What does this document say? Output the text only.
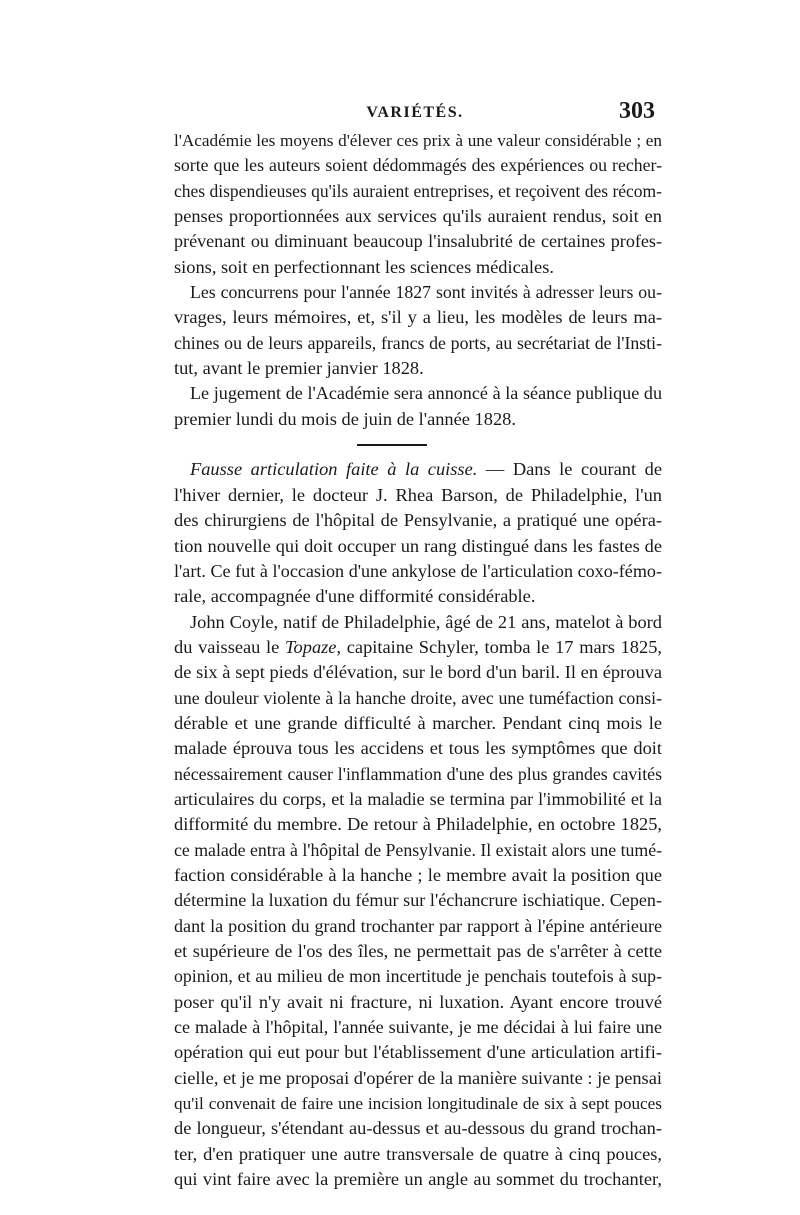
VARIÉTÉS.	303
l'Académie les moyens d'élever ces prix à une valeur considérable ; en
sorte que les auteurs soient dédommagés des expériences ou recher-
ches dispendieuses qu'ils auraient entreprises, et reçoivent des récom-
penses proportionnées aux services qu'ils auraient rendus, soit en
prévenant ou diminuant beaucoup l'insalubrité de certaines profes-
sions, soit en perfectionnant les sciences médicales.
Les concurrens pour l'année 1827 sont invités à adresser leurs ou-
vrages, leurs mémoires, et, s'il y a lieu, les modèles de leurs ma-
chines ou de leurs appareils, francs de ports, au secrétariat de l'Insti-
tut, avant le premier janvier 1828.
Le jugement de l'Académie sera annoncé à la séance publique du
premier lundi du mois de juin de l'année 1828.
Fausse articulation faite à la cuisse. — Dans le courant de
l'hiver dernier, le docteur J. Rhea Barson, de Philadelphie, l'un
des chirurgiens de l'hôpital de Pensylvanie, a pratiqué une opéra-
tion nouvelle qui doit occuper un rang distingué dans les fastes de
l'art. Ce fut à l'occasion d'une ankylose de l'articulation coxo-fémo-
rale, accompagnée d'une difformité considérable.
John Coyle, natif de Philadelphie, âgé de 21 ans, matelot à bord
du vaisseau le Topaze, capitaine Schyler, tomba le 17 mars 1825,
de six à sept pieds d'élévation, sur le bord d'un baril. Il en éprouva
une douleur violente à la hanche droite, avec une tuméfaction consi-
dérable et une grande difficulté à marcher. Pendant cinq mois le
malade éprouva tous les accidens et tous les symptômes que doit
nécessairement causer l'inflammation d'une des plus grandes cavités
articulaires du corps, et la maladie se termina par l'immobilité et la
difformité du membre. De retour à Philadelphie, en octobre 1825,
ce malade entra à l'hôpital de Pensylvanie. Il existait alors une tumé-
faction considérable à la hanche ; le membre avait la position que
détermine la luxation du fémur sur l'échancrure ischiatique. Cepen-
dant la position du grand trochanter par rapport à l'épine antérieure
et supérieure de l'os des îles, ne permettait pas de s'arrêter à cette
opinion, et au milieu de mon incertitude je penchais toutefois à sup-
poser qu'il n'y avait ni fracture, ni luxation. Ayant encore trouvé
ce malade à l'hôpital, l'année suivante, je me décidai à lui faire une
opération qui eut pour but l'établissement d'une articulation artifi-
cielle, et je me proposai d'opérer de la manière suivante : je pensai
qu'il convenait de faire une incision longitudinale de six à sept pouces
de longueur, s'étendant au-dessus et au-dessous du grand trochan-
ter, d'en pratiquer une autre transversale de quatre à cinq pouces,
qui vint faire avec la première un angle au sommet du trochanter,
